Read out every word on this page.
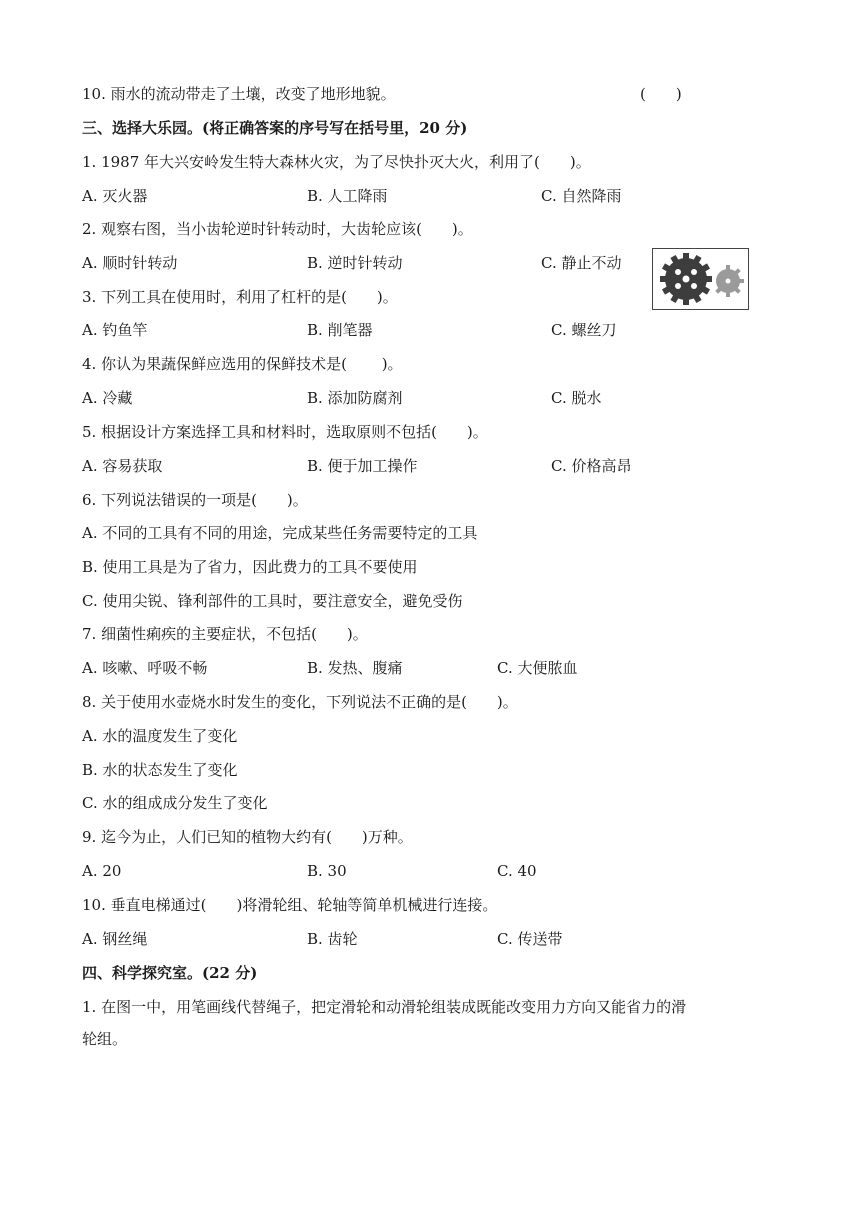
10. 雨水的流动带走了土壤，改变了地形地貌。	(　　)
三、选择大乐园。(将正确答案的序号写在括号里，20 分)
1. 1987 年大兴安岭发生特大森林火灾，为了尽快扑灭大火，利用了(　　)。
A. 灭火器	B. 人工降雨	C. 自然降雨
2. 观察右图，当小齿轮逆时针转动时，大齿轮应该(　　)。
A. 顺时针转动	B. 逆时针转动	C. 静止不动
3. 下列工具在使用时，利用了杠杆的是(　　)。
A. 钓鱼竿	B. 削笔器	C. 螺丝刀
4. 你认为果蔬保鲜应选用的保鲜技术是(　　 )。
A. 冷藏	B. 添加防腐剂	C. 脱水
5. 根据设计方案选择工具和材料时，选取原则不包括(　　)。
A. 容易获取	B. 便于加工操作	C. 价格高昂
6. 下列说法错误的一项是(　　)。
A. 不同的工具有不同的用途，完成某些任务需要特定的工具
B. 使用工具是为了省力，因此费力的工具不要使用
C. 使用尖锐、锋利部件的工具时，要注意安全，避免受伤
7. 细菌性痢疾的主要症状，不包括(　　)。
A. 咳嗽、呼吸不畅	B. 发热、腹痛	C. 大便脓血
8. 关于使用水壶烧水时发生的变化，下列说法不正确的是(　　)。
A. 水的温度发生了变化
B. 水的状态发生了变化
C. 水的组成成分发生了变化
9. 迄今为止，人们已知的植物大约有(　　)万种。
A. 20	B. 30	C. 40
10. 垂直电梯通过(　　)将滑轮组、轮轴等简单机械进行连接。
A. 钢丝绳	B. 齿轮	C. 传送带
四、科学探究室。(22 分)
1. 在图一中，用笔画线代替绳子，把定滑轮和动滑轮组装成既能改变用力方向又能省力的滑
轮组。
